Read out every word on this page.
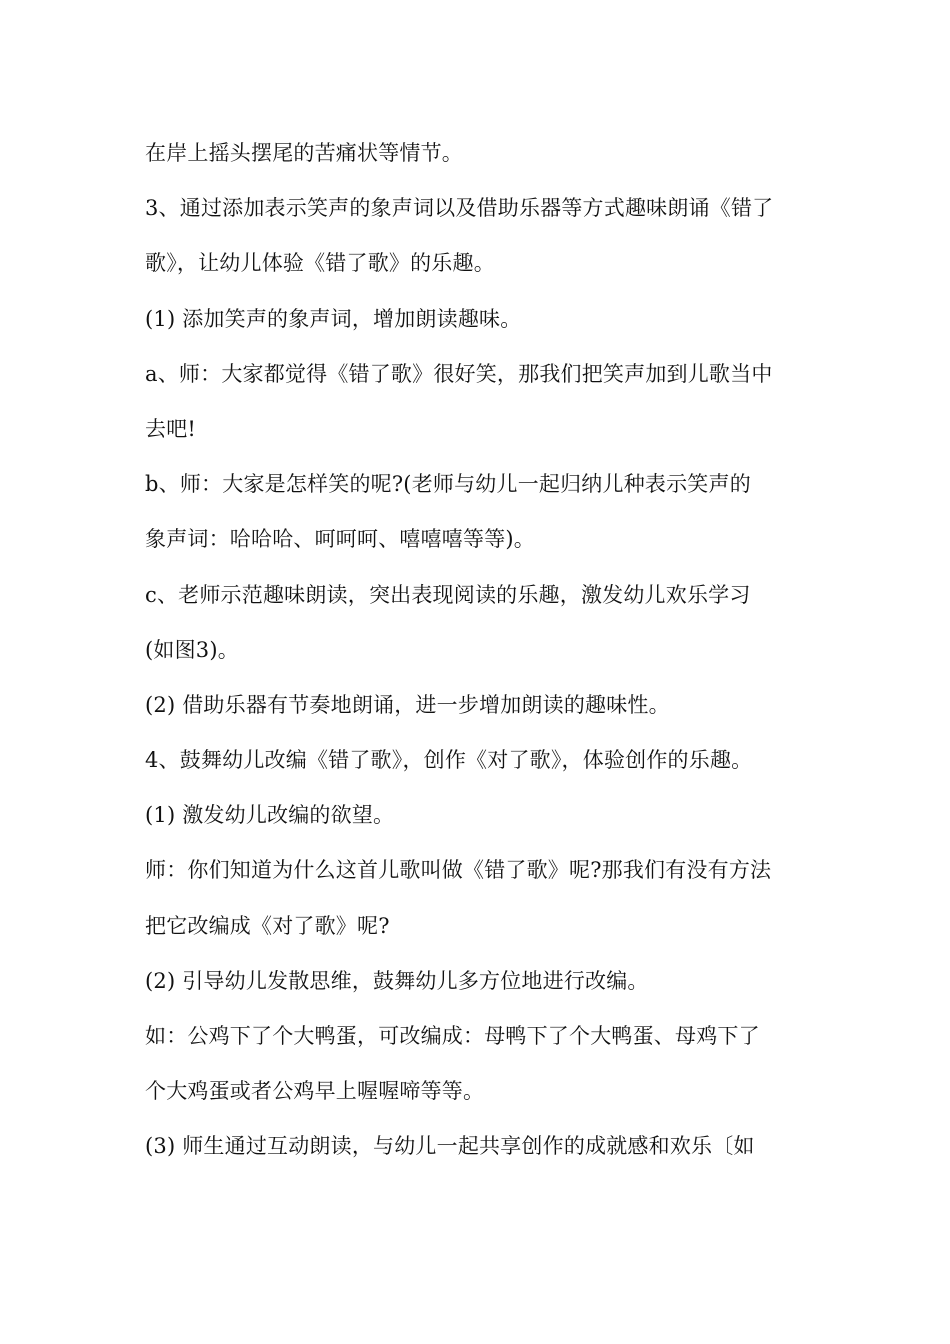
在岸上摇头摆尾的苦痛状等情节。
3、通过添加表示笑声的象声词以及借助乐器等方式趣味朗诵《错了
歌》，让幼儿体验《错了歌》的乐趣。
(1) 添加笑声的象声词，增加朗读趣味。
a、师：大家都觉得《错了歌》很好笑，那我们把笑声加到儿歌当中
去吧!
b、师：大家是怎样笑的呢?(老师与幼儿一起归纳儿种表示笑声的
象声词：哈哈哈、呵呵呵、嘻嘻嘻等等)。
c、老师示范趣味朗读，突出表现阅读的乐趣，激发幼儿欢乐学习
(如图3)。
(2) 借助乐器有节奏地朗诵，进一步增加朗读的趣味性。
4、鼓舞幼儿改编《错了歌》，创作《对了歌》，体验创作的乐趣。
(1) 激发幼儿改编的欲望。
师：你们知道为什么这首儿歌叫做《错了歌》呢?那我们有没有方法
把它改编成《对了歌》呢?
(2) 引导幼儿发散思维，鼓舞幼儿多方位地进行改编。
如：公鸡下了个大鸭蛋，可改编成：母鸭下了个大鸭蛋、母鸡下了
个大鸡蛋或者公鸡早上喔喔啼等等。
(3) 师生通过互动朗读，与幼儿一起共享创作的成就感和欢乐〔如
